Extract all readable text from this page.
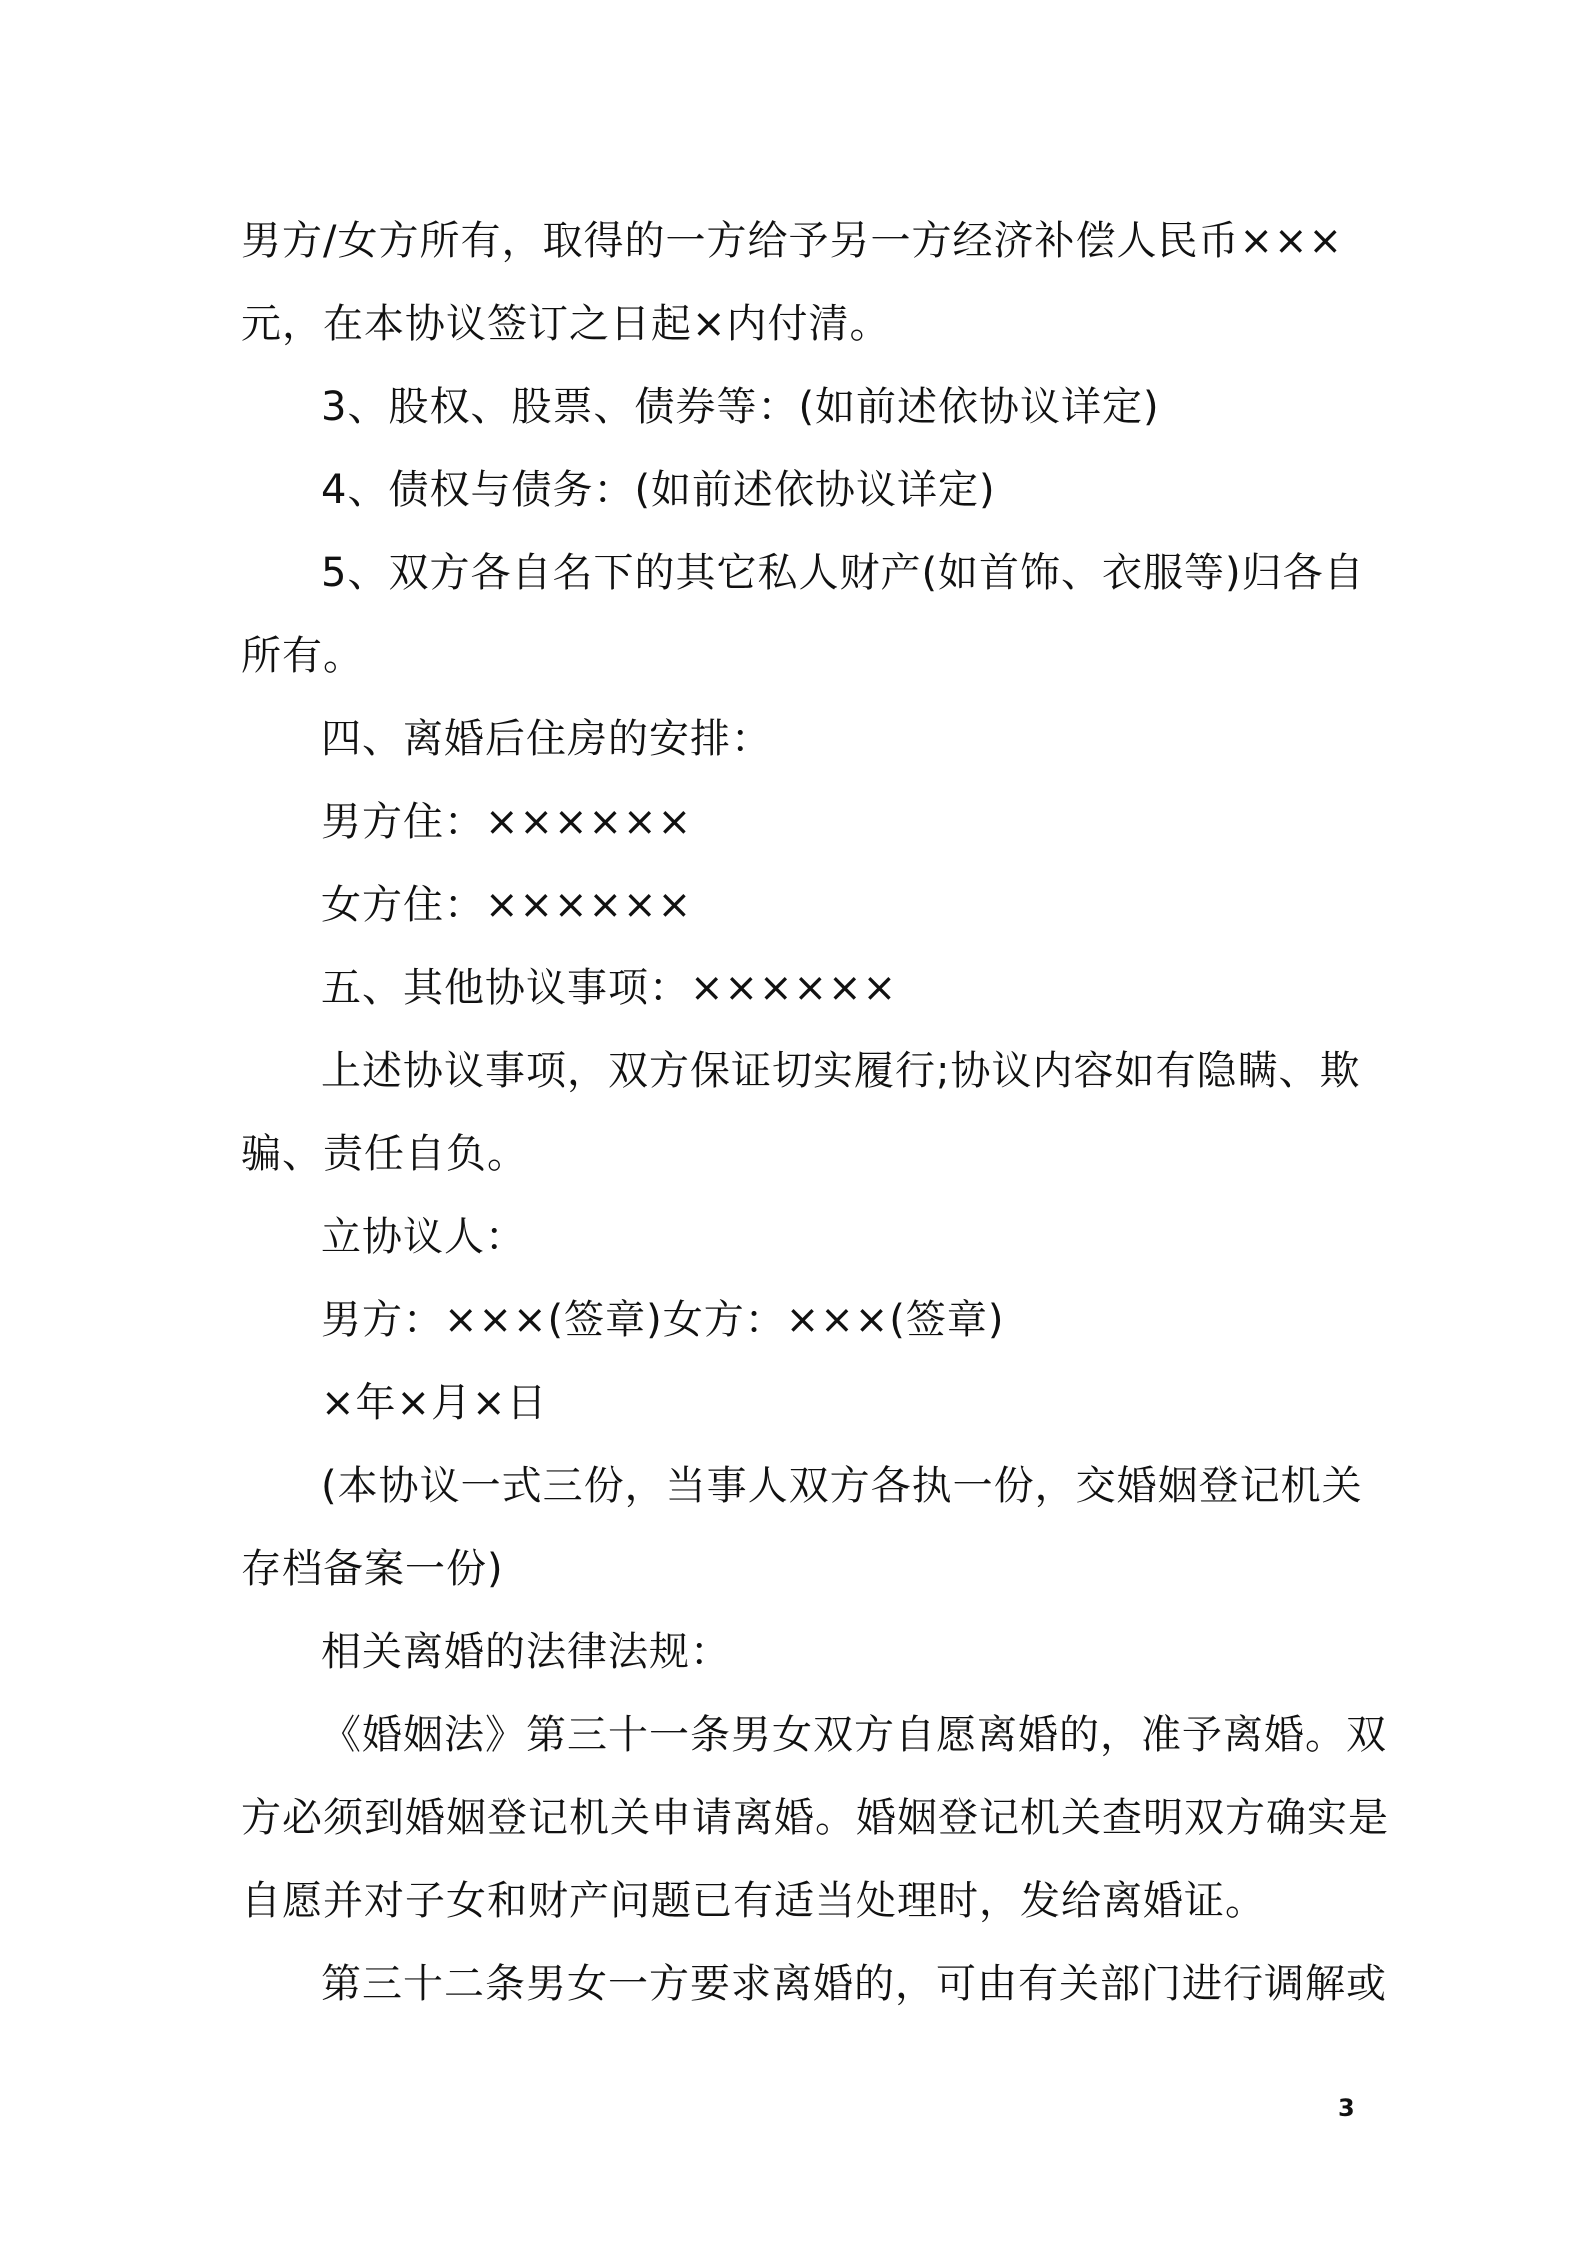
男方/女方所有，取得的一方给予另一方经济补偿人民币×××

元，在本协议签订之日起×内付清。

3、股权、股票、债券等：(如前述依协议详定)

4、债权与债务：(如前述依协议详定)

5、双方各自名下的其它私人财产(如首饰、衣服等)归各自

所有。

四、离婚后住房的安排：

男方住：××××××

女方住：××××××

五、其他协议事项：××××××

上述协议事项，双方保证切实履行;协议内容如有隐瞒、欺

骗、责任自负。

立协议人：

男方：×××(签章)女方：×××(签章)

×年×月×日

(本协议一式三份，当事人双方各执一份，交婚姻登记机关

存档备案一份)

相关离婚的法律法规：

《婚姻法》第三十一条男女双方自愿离婚的，准予离婚。双

方必须到婚姻登记机关申请离婚。婚姻登记机关查明双方确实是

自愿并对子女和财产问题已有适当处理时，发给离婚证。

第三十二条男女一方要求离婚的，可由有关部门进行调解或

3
